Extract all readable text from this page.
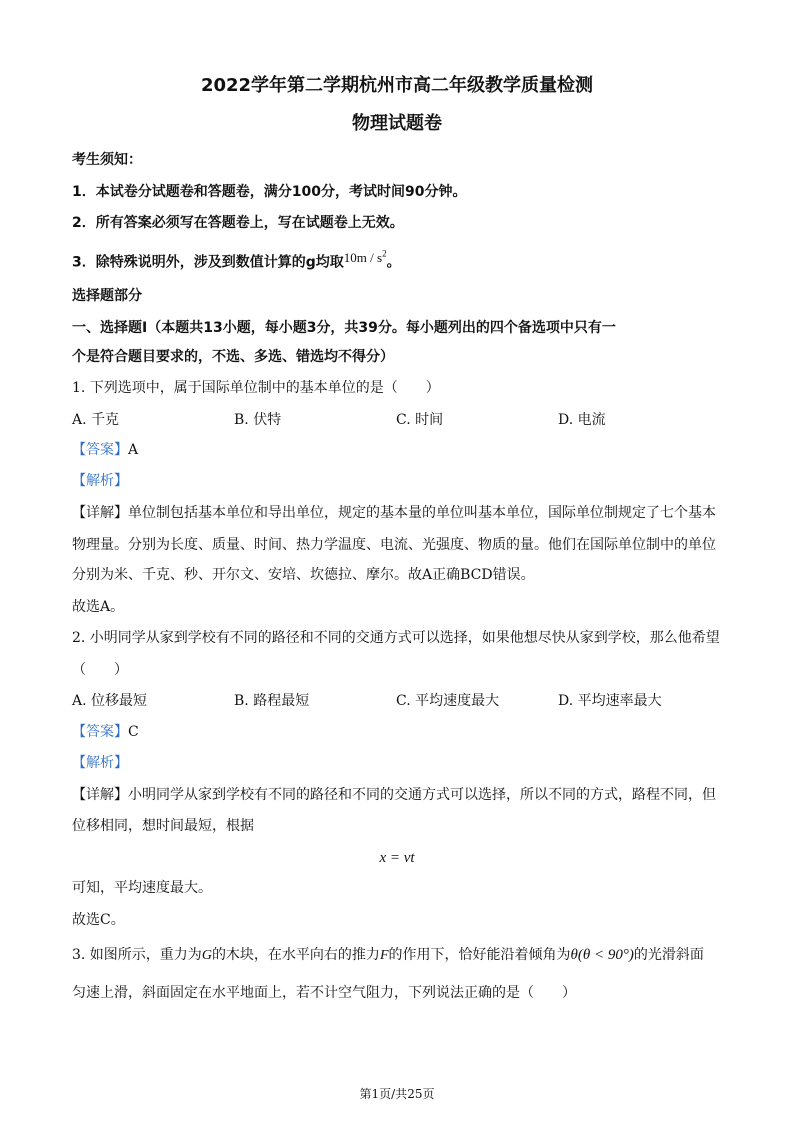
2022学年第二学期杭州市高二年级教学质量检测
物理试题卷
考生须知：
1．本试卷分试题卷和答题卷，满分100分，考试时间90分钟。
2．所有答案必须写在答题卷上，写在试题卷上无效。
3．除特殊说明外，涉及到数值计算的g均取$10m / s^2$。
选择题部分
一、选择题Ⅰ（本题共13小题，每小题3分，共39分。每小题列出的四个备选项中只有一
个是符合题目要求的，不选、多选、错选均不得分）
1. 下列选项中，属于国际单位制中的基本单位的是（　　）
A. 千克	B. 伏特	C. 时间	D. 电流
【答案】A
【解析】
【详解】单位制包括基本单位和导出单位，规定的基本量的单位叫基本单位，国际单位制规定了七个基本
物理量。分别为长度、质量、时间、热力学温度、电流、光强度、物质的量。他们在国际单位制中的单位
分别为米、千克、秒、开尔文、安培、坎德拉、摩尔。故A正确BCD错误。
故选A。
2. 小明同学从家到学校有不同的路径和不同的交通方式可以选择，如果他想尽快从家到学校，那么他希望
（　　）
A. 位移最短	B. 路程最短	C. 平均速度最大	D. 平均速率最大
【答案】C
【解析】
【详解】小明同学从家到学校有不同的路径和不同的交通方式可以选择，所以不同的方式，路程不同，但
位移相同，想时间最短，根据
x = vt
可知，平均速度最大。
故选C。
3. 如图所示，重力为G的木块，在水平向右的推力F的作用下，恰好能沿着倾角为θ(θ < 90°)的光滑斜面
匀速上滑，斜面固定在水平地面上，若不计空气阻力，下列说法正确的是（　　）
第1页/共25页
